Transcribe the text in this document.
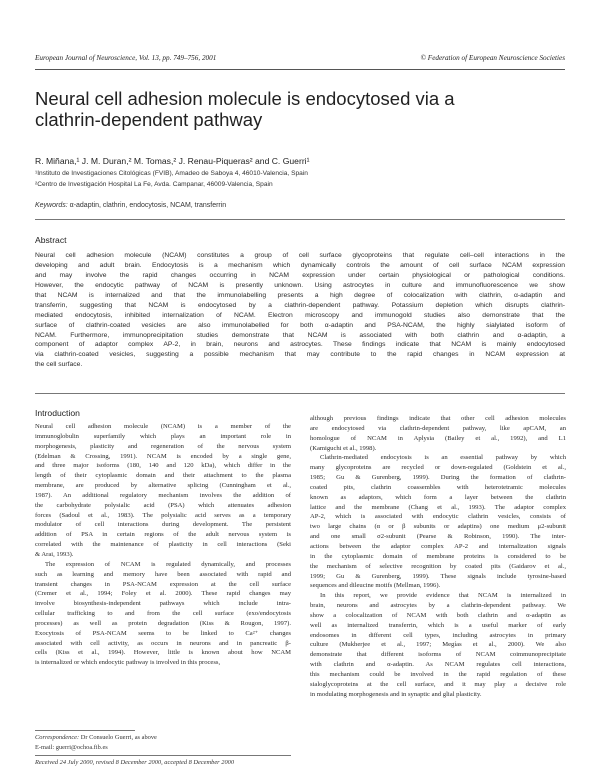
European Journal of Neuroscience, Vol. 13, pp. 749–756, 2001	© Federation of European Neuroscience Societies
Neural cell adhesion molecule is endocytosed via a
clathrin-dependent pathway
R. Miñana,¹ J. M. Duran,² M. Tomas,² J. Renau-Piqueras² and C. Guerri¹
¹Instituto de Investigaciones Citológicas (FVIB), Amadeo de Saboya 4, 46010-Valencia, Spain
²Centro de Investigación Hospital La Fe, Avda. Campanar, 46009-Valencia, Spain
Keywords: α-adaptin, clathrin, endocytosis, NCAM, transferrin
Abstract
Neural cell adhesion molecule (NCAM) constitutes a group of cell surface glycoproteins that regulate cell–cell interactions in the
developing and adult brain. Endocytosis is a mechanism which dynamically controls the amount of cell surface NCAM expression
and may involve the rapid changes occurring in NCAM expression under certain physiological or pathological conditions.
However, the endocytic pathway of NCAM is presently unknown. Using astrocytes in culture and immunofluorescence we show
that NCAM is internalized and that the immunolabelling presents a high degree of colocalization with clathrin, α-adaptin and
transferrin, suggesting that NCAM is endocytosed by a clathrin-dependent pathway. Potassium depletion which disrupts clathrin-
mediated endocytosis, inhibited internalization of NCAM. Electron microscopy and immunogold studies also demonstrate that the
surface of clathrin-coated vesicles are also immunolabelled for both α-adaptin and PSA-NCAM, the highly sialylated isoform of
NCAM. Furthermore, immunoprecipitation studies demonstrate that NCAM is associated with both clathrin and α-adaptin, a
component of adaptor complex AP-2, in brain, neurons and astrocytes. These findings indicate that NCAM is mainly endocytosed
via clathrin-coated vesicles, suggesting a possible mechanism that may contribute to the rapid changes in NCAM expression at
the cell surface.
Introduction
Neural cell adhesion molecule (NCAM) is a member of the
immunoglobulin superfamily which plays an important role in
morphogenesis, plasticity and regeneration of the nervous system
(Edelman & Crossing, 1991). NCAM is encoded by a single gene,
and three major isoforms (180, 140 and 120 kDa), which differ in the
length of their cytoplasmic domain and their attachment to the plasma
membrane, are produced by alternative splicing (Cunningham et al.,
1987). An additional regulatory mechanism involves the addition of
the carbohydrate polysialic acid (PSA) which attenuates adhesion
forces (Sadoul et al., 1983). The polysialic acid serves as a temporary
modulator of cell interactions during development. The persistent
addition of PSA in certain regions of the adult nervous system is
correlated with the maintenance of plasticity in cell interactions (Seki
& Arai, 1993).
The expression of NCAM is regulated dynamically, and processes
such as learning and memory have been associated with rapid and
transient changes in PSA-NCAM expression at the cell surface
(Cremer et al., 1994; Foley et al. 2000). These rapid changes may
involve biosynthesis-independent pathways which include intra-
cellular trafficking to and from the cell surface (exo/endocytosis
processes) as well as protein degradation (Kiss & Rougon, 1997).
Exocytosis of PSA-NCAM seems to be linked to Ca²⁺ changes
associated with cell activity, as occurs in neurons and in pancreatic β-
cells (Kiss et al., 1994). However, little is known about how NCAM
is internalized or which endocytic pathway is involved in this process,
although previous findings indicate that other cell adhesion molecules
are endocytosed via clathrin-dependent pathway, like apCAM, an
homologue of NCAM in Aplysia (Bailey et al., 1992), and L1
(Kamiguchi et al., 1998).
Clathrin-mediated endocytosis is an essential pathway by which
many glycoproteins are recycled or down-regulated (Goldstein et al.,
1985; Gu & Gurenberg, 1999). During the formation of clathrin-
coated pits, clathrin coassembles with heterotetramic molecules
known as adaptors, which form a layer between the clathrin
lattice and the membrane (Chang et al., 1993). The adaptor complex
AP-2, which is associated with endocytic clathrin vesicles, consists of
two large chains (α or β subunits or adaptins) one medium μ2-subunit
and one small σ2-subunit (Pearse & Robinson, 1990). The inter-
actions between the adaptor complex AP-2 and internalization signals
in the cytoplasmic domain of membrane proteins is considered to be
the mechanism of selective recognition by coated pits (Gaidarov et al.,
1999; Gu & Gurenberg, 1999). These signals include tyrosine-based
sequences and dileucine motifs (Mellman, 1996).
In this report, we provide evidence that NCAM is internalized in
brain, neurons and astrocytes by a clathrin-dependent pathway. We
show a colocalization of NCAM with both clathrin and α-adaptin as
well as internalized transferrin, which is a useful marker of early
endosomes in different cell types, including astrocytes in primary
culture (Mukherjee et al., 1997; Megías et al., 2000). We also
demonstrate that different isoforms of NCAM coimmunoprecipitate
with clathrin and α-adaptin. As NCAM regulates cell interactions,
this mechanism could be involved in the rapid regulation of these
sialoglycoproteins at the cell surface, and it may play a decisive role
in modulating morphogenesis and in synaptic and glial plasticity.
Correspondence: Dr Consuelo Guerri, as above
E-mail: guerri@ochoa.fib.es
Received 24 July 2000, revised 8 December 2000, accepted 8 December 2000
